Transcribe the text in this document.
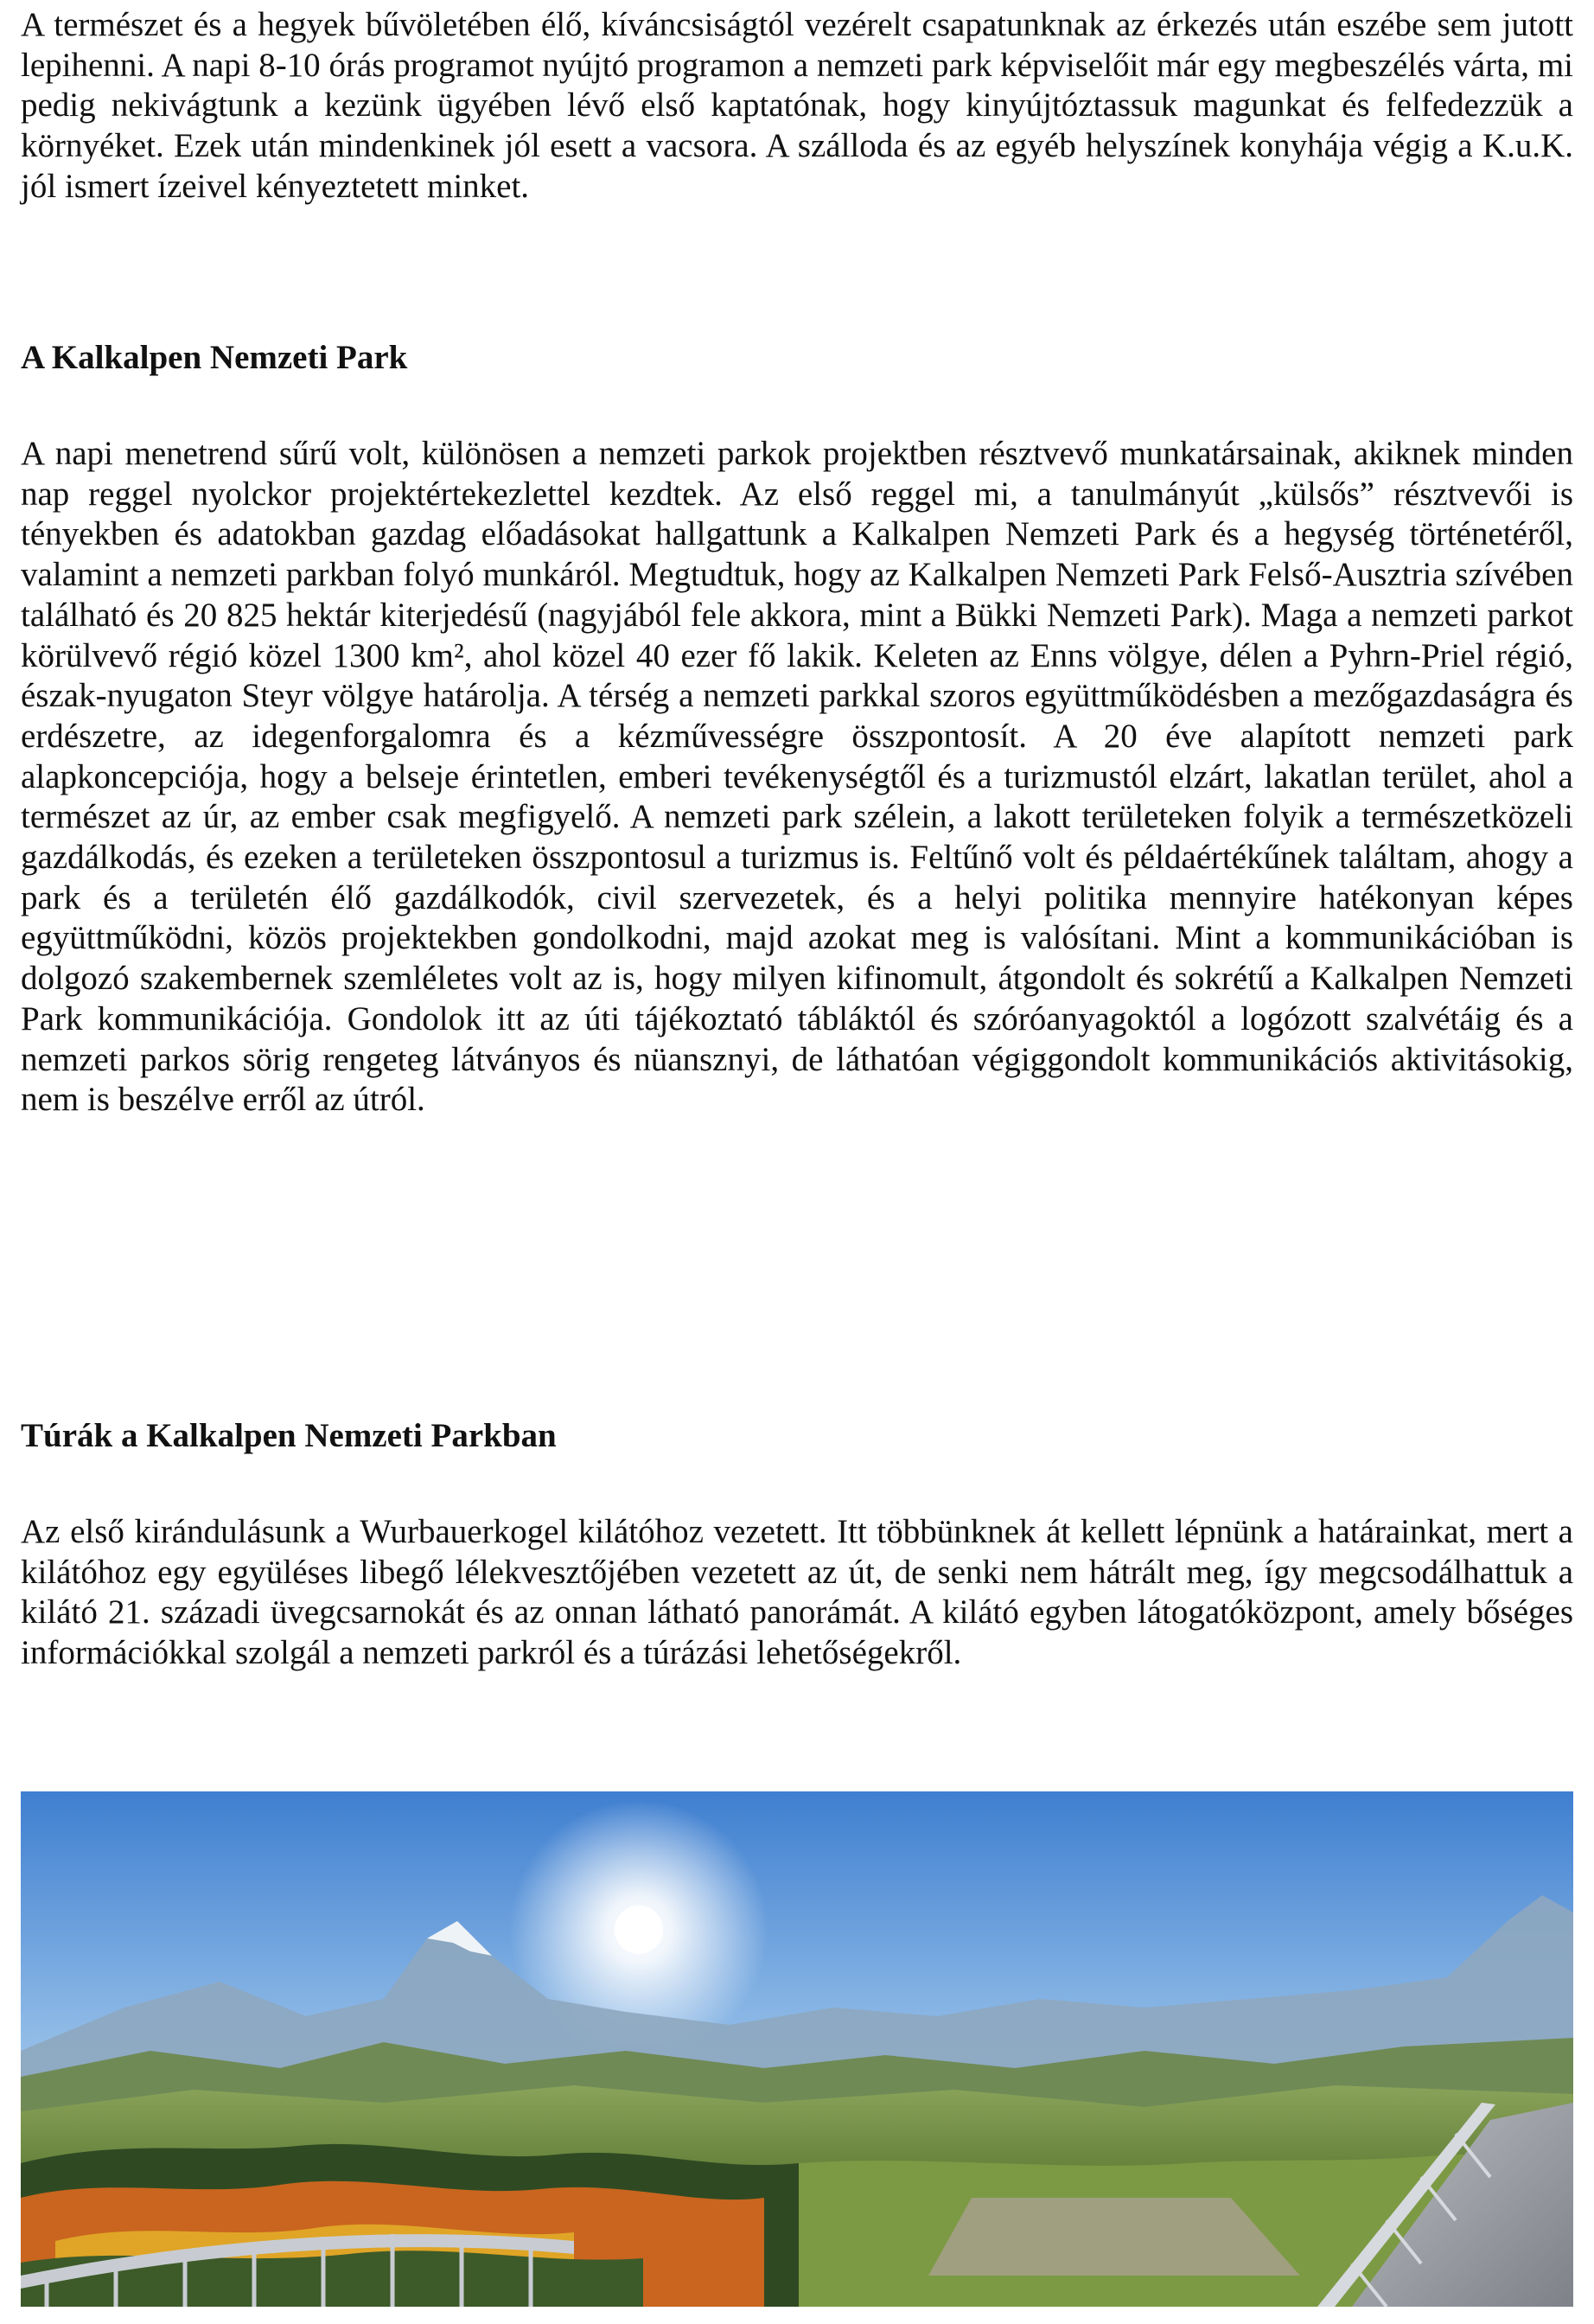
A természet és a hegyek bűvöletében élő, kíváncsiságtól vezérelt csapatunknak az érkezés után eszébe sem jutott lepihenni. A napi 8-10 órás programot nyújtó programon a nemzeti park képviselőit már egy megbeszélés várta, mi pedig nekivágtunk a kezünk ügyében lévő első kaptatónak, hogy kinyújtóztassuk magunkat és felfedezzük a környéket. Ezek után mindenkinek jól esett a vacsora. A szálloda és az egyéb helyszínek konyhája végig a K.u.K. jól ismert ízeivel kényeztetett minket.

A Kalkalpen Nemzeti Park

A napi menetrend sűrű volt, különösen a nemzeti parkok projektben résztvevő munkatársainak, akiknek minden nap reggel nyolckor projektértekezlettel kezdtek. Az első reggel mi, a tanulmányút „külsős” résztvevői is tényekben és adatokban gazdag előadásokat hallgattunk a Kalkalpen Nemzeti Park és a hegység történetéről, valamint a nemzeti parkban folyó munkáról. Megtudtuk, hogy az Kalkalpen Nemzeti Park Felső-Ausztria szívében található és 20 825 hektár kiterjedésű (nagyjából fele akkora, mint a Bükki Nemzeti Park). Maga a nemzeti parkot körülvevő régió közel 1300 km², ahol közel 40 ezer fő lakik. Keleten az Enns völgye, délen a Pyhrn-Priel régió, észak-nyugaton Steyr völgye határolja. A térség a nemzeti parkkal szoros együttműködésben a mezőgazdaságra és erdészetre, az idegenforgalomra és a kézművességre összpontosít. A 20 éve alapított nemzeti park alapkoncepciója, hogy a belseje érintetlen, emberi tevékenységtől és a turizmustól elzárt, lakatlan terület, ahol a természet az úr, az ember csak megfigyelő. A nemzeti park szélein, a lakott területeken folyik a természetközeli gazdálkodás, és ezeken a területeken összpontosul a turizmus is. Feltűnő volt és példaértékűnek találtam, ahogy a park és a területén élő gazdálkodók, civil szervezetek, és a helyi politika mennyire hatékonyan képes együttműködni, közös projektekben gondolkodni, majd azokat meg is valósítani. Mint a kommunikációban is dolgozó szakembernek szemléletes volt az is, hogy milyen kifinomult, átgondolt és sokrétű a Kalkalpen Nemzeti Park kommunikációja. Gondolok itt az úti tájékoztató tábláktól és szóróanyagoktól a logózott szalvétáig és a nemzeti parkos sörig rengeteg látványos és nüansznyi, de láthatóan végiggondolt kommunikációs aktivitásokig, nem is beszélve erről az útról.

Túrák a Kalkalpen Nemzeti Parkban

Az első kirándulásunk a Wurbauerkogel kilátóhoz vezetett. Itt többünknek át kellett lépnünk a határainkat, mert a kilátóhoz egy együléses libegő lélekvesztőjében vezetett az út, de senki nem hátrált meg, így megcsodálhattuk a kilátó 21. századi üvegcsarnokát és az onnan látható panorámát. A kilátó egyben látogatóközpont, amely bőséges információkkal szolgál a nemzeti parkról és a túrázási lehetőségekről.
